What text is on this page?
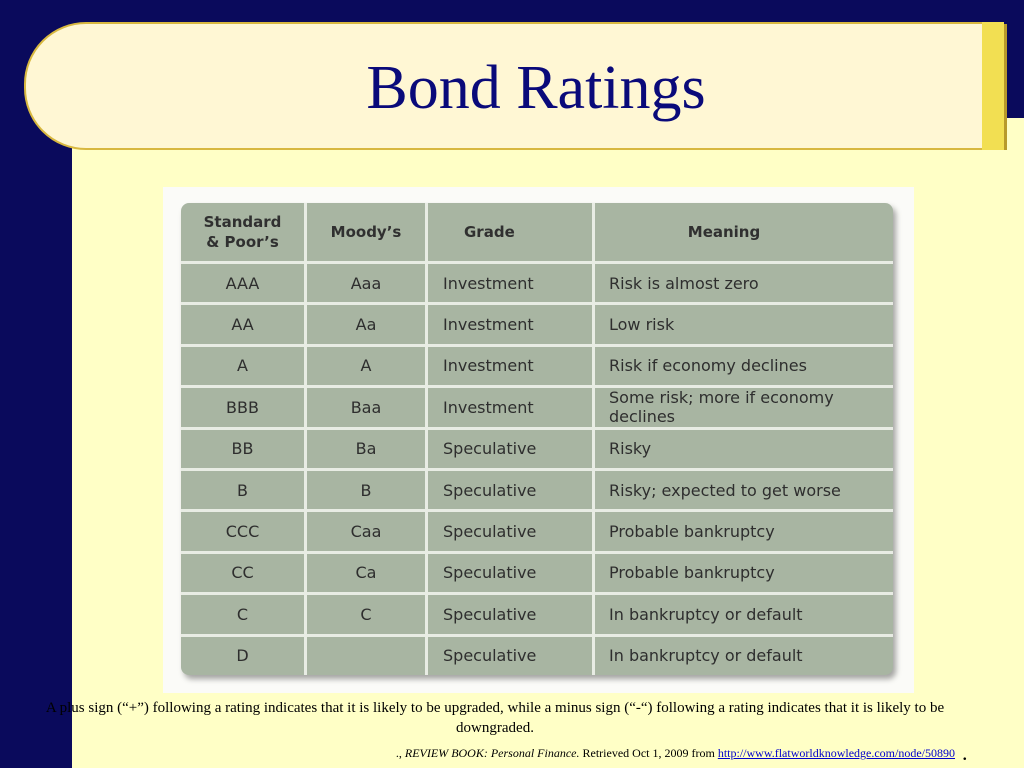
Bond Ratings
Standard
& Poor’s	Moody’s	Grade	Meaning
AAA	Aaa	Investment	Risk is almost zero
AA	Aa	Investment	Low risk
A	A	Investment	Risk if economy declines
BBB	Baa	Investment	Some risk; more if economy declines
BB	Ba	Speculative	Risky
B	B	Speculative	Risky; expected to get worse
CCC	Caa	Speculative	Probable bankruptcy
CC	Ca	Speculative	Probable bankruptcy
C	C	Speculative	In bankruptcy or default
D		Speculative	In bankruptcy or default
A plus sign (“+”) following a rating indicates that it is likely to be upgraded, while a minus sign (“-“) following a rating indicates that it is likely to be downgraded.
., REVIEW BOOK: Personal Finance. Retrieved Oct 1, 2009 from http://www.flatworldknowledge.com/node/50890 .
